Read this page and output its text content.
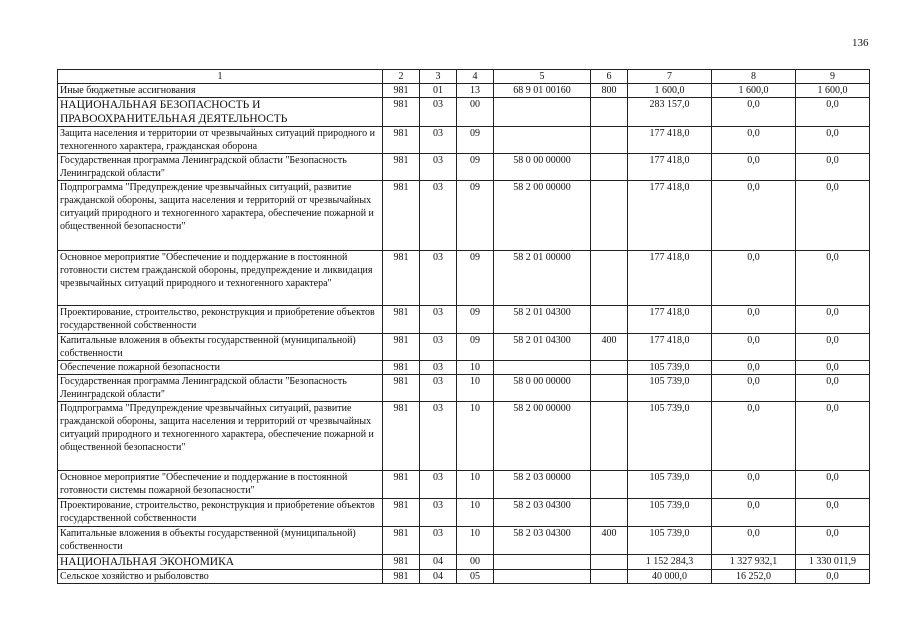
136
1	2	3	4	5	6	7	8	9
Иные бюджетные ассигнования	981	01	13	68 9 01 00160	800	1 600,0	1 600,0	1 600,0
НАЦИОНАЛЬНАЯ БЕЗОПАСНОСТЬ И ПРАВООХРАНИТЕЛЬНАЯ ДЕЯТЕЛЬНОСТЬ	981	03	00			283 157,0	0,0	0,0
Защита населения и территории от чрезвычайных ситуаций природного и техногенного характера, гражданская оборона	981	03	09			177 418,0	0,0	0,0
Государственная программа Ленинградской области "Безопасность Ленинградской области"	981	03	09	58 0 00 00000		177 418,0	0,0	0,0
Подпрограмма "Предупреждение чрезвычайных ситуаций, развитие гражданской обороны, защита населения и территорий от чрезвычайных ситуаций природного и техногенного характера, обеспечение пожарной и общественной безопасности"	981	03	09	58 2 00 00000		177 418,0	0,0	0,0
Основное мероприятие "Обеспечение и поддержание в постоянной готовности систем гражданской обороны, предупреждение и ликвидация чрезвычайных ситуаций природного и техногенного характера"	981	03	09	58 2 01 00000		177 418,0	0,0	0,0
Проектирование, строительство, реконструкция и приобретение объектов государственной собственности	981	03	09	58 2 01 04300		177 418,0	0,0	0,0
Капитальные вложения в объекты государственной (муниципальной) собственности	981	03	09	58 2 01 04300	400	177 418,0	0,0	0,0
Обеспечение пожарной безопасности	981	03	10			105 739,0	0,0	0,0
Государственная программа Ленинградской области "Безопасность Ленинградской области"	981	03	10	58 0 00 00000		105 739,0	0,0	0,0
Подпрограмма "Предупреждение чрезвычайных ситуаций, развитие гражданской обороны, защита населения и территорий от чрезвычайных ситуаций природного и техногенного характера, обеспечение пожарной и общественной безопасности"	981	03	10	58 2 00 00000		105 739,0	0,0	0,0
Основное мероприятие "Обеспечение и поддержание в постоянной готовности системы пожарной безопасности"	981	03	10	58 2 03 00000		105 739,0	0,0	0,0
Проектирование, строительство, реконструкция и приобретение объектов государственной собственности	981	03	10	58 2 03 04300		105 739,0	0,0	0,0
Капитальные вложения в объекты государственной (муниципальной) собственности	981	03	10	58 2 03 04300	400	105 739,0	0,0	0,0
НАЦИОНАЛЬНАЯ ЭКОНОМИКА	981	04	00			1 152 284,3	1 327 932,1	1 330 011,9
Сельское хозяйство и рыболовство	981	04	05			40 000,0	16 252,0	0,0
